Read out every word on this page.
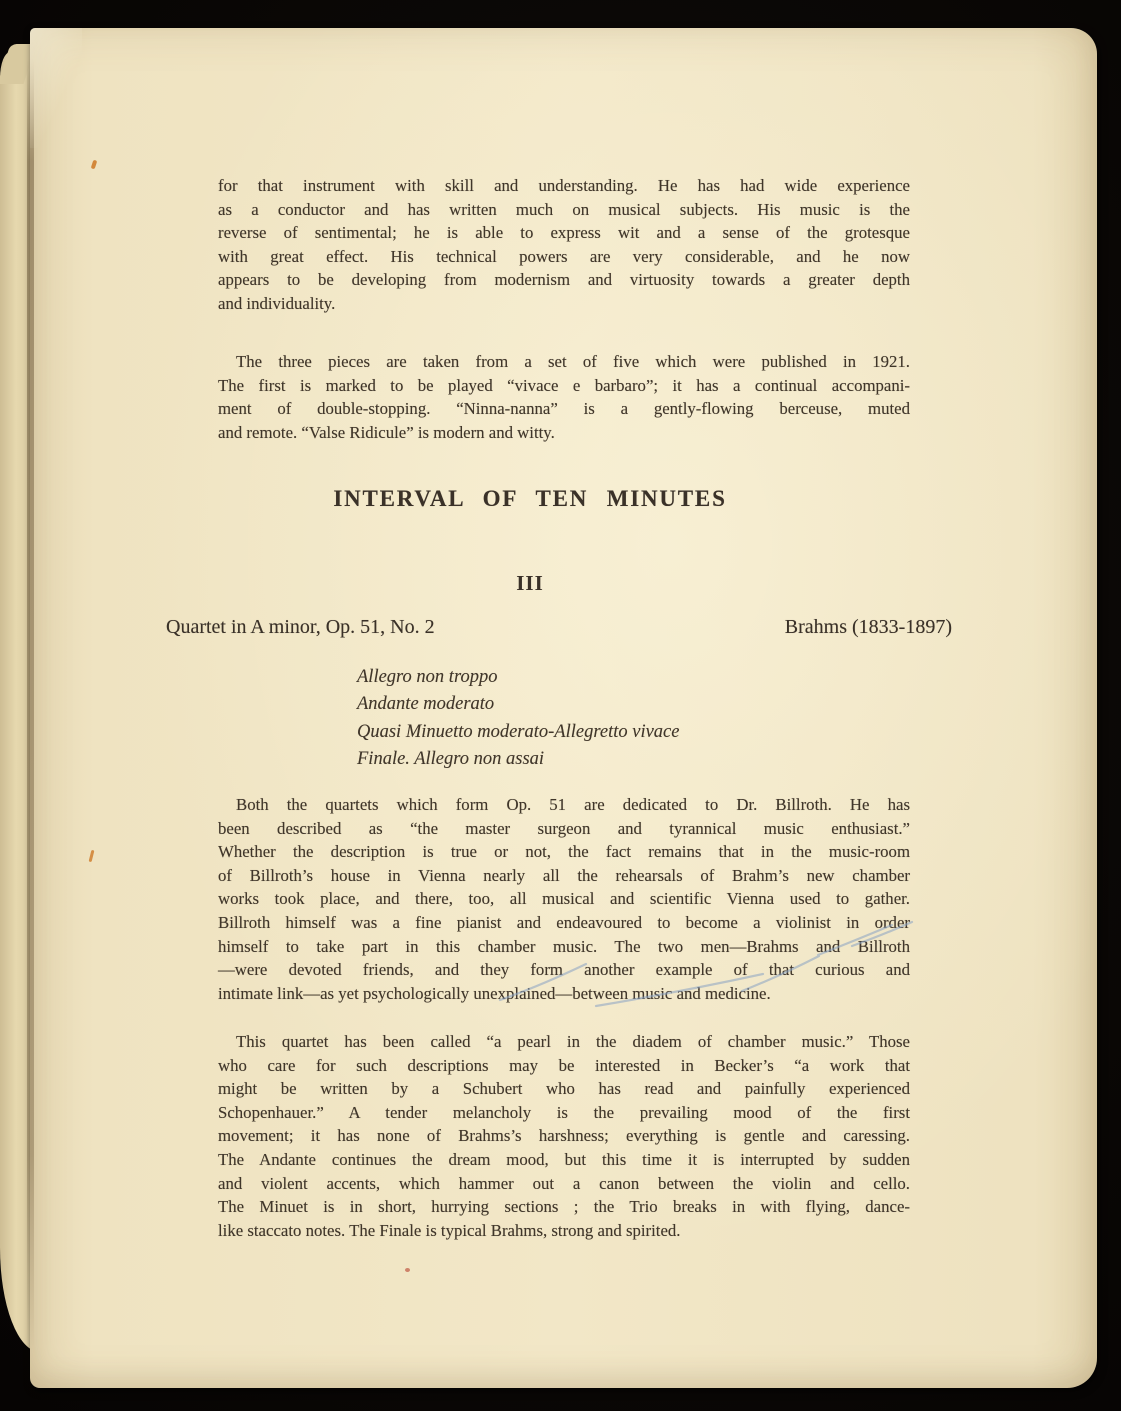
for that instrument with skill and understanding. He has had wide experience
as a conductor and has written much on musical subjects. His music is the
reverse of sentimental; he is able to express wit and a sense of the grotesque
with great effect. His technical powers are very considerable, and he now
appears to be developing from modernism and virtuosity towards a greater depth
and individuality.
The three pieces are taken from a set of five which were published in 1921.
The first is marked to be played “vivace e barbaro”; it has a continual accompani-
ment of double-stopping. “Ninna-nanna” is a gently-flowing berceuse, muted
and remote. “Valse Ridicule” is modern and witty.
INTERVAL OF TEN MINUTES
III
Quartet in A minor, Op. 51, No. 2	Brahms (1833-1897)
Allegro non troppo
Andante moderato
Quasi Minuetto moderato-Allegretto vivace
Finale. Allegro non assai
Both the quartets which form Op. 51 are dedicated to Dr. Billroth. He has
been described as “the master surgeon and tyrannical music enthusiast.”
Whether the description is true or not, the fact remains that in the music-room
of Billroth’s house in Vienna nearly all the rehearsals of Brahm’s new chamber
works took place, and there, too, all musical and scientific Vienna used to gather.
Billroth himself was a fine pianist and endeavoured to become a violinist in order
himself to take part in this chamber music. The two men—Brahms and Billroth
—were devoted friends, and they form another example of that curious and
intimate link—as yet psychologically unexplained—between music and medicine.
This quartet has been called “a pearl in the diadem of chamber music.” Those
who care for such descriptions may be interested in Becker’s “a work that
might be written by a Schubert who has read and painfully experienced
Schopenhauer.” A tender melancholy is the prevailing mood of the first
movement; it has none of Brahms’s harshness; everything is gentle and caressing.
The Andante continues the dream mood, but this time it is interrupted by sudden
and violent accents, which hammer out a canon between the violin and cello.
The Minuet is in short, hurrying sections ; the Trio breaks in with flying, dance-
like staccato notes. The Finale is typical Brahms, strong and spirited.
